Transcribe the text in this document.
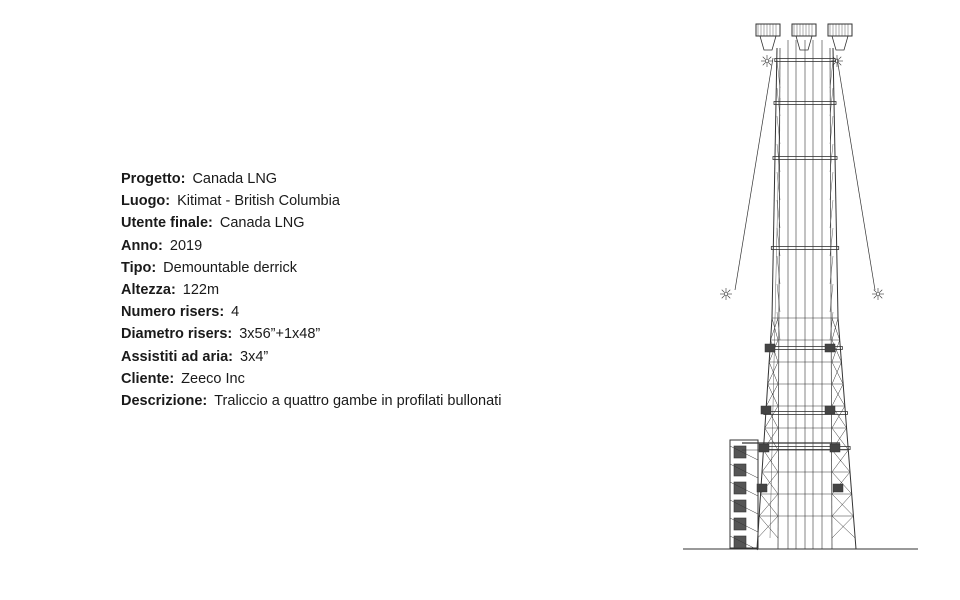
Progetto: Canada LNG
Luogo: Kitimat - British Columbia
Utente finale: Canada LNG
Anno: 2019
Tipo: Demountable derrick
Altezza: 122m
Numero risers: 4
Diametro risers: 3x56”+1x48”
Assistiti ad aria: 3x4”
Cliente: Zeeco Inc
Descrizione: Traliccio a quattro gambe in profilati bullonati
